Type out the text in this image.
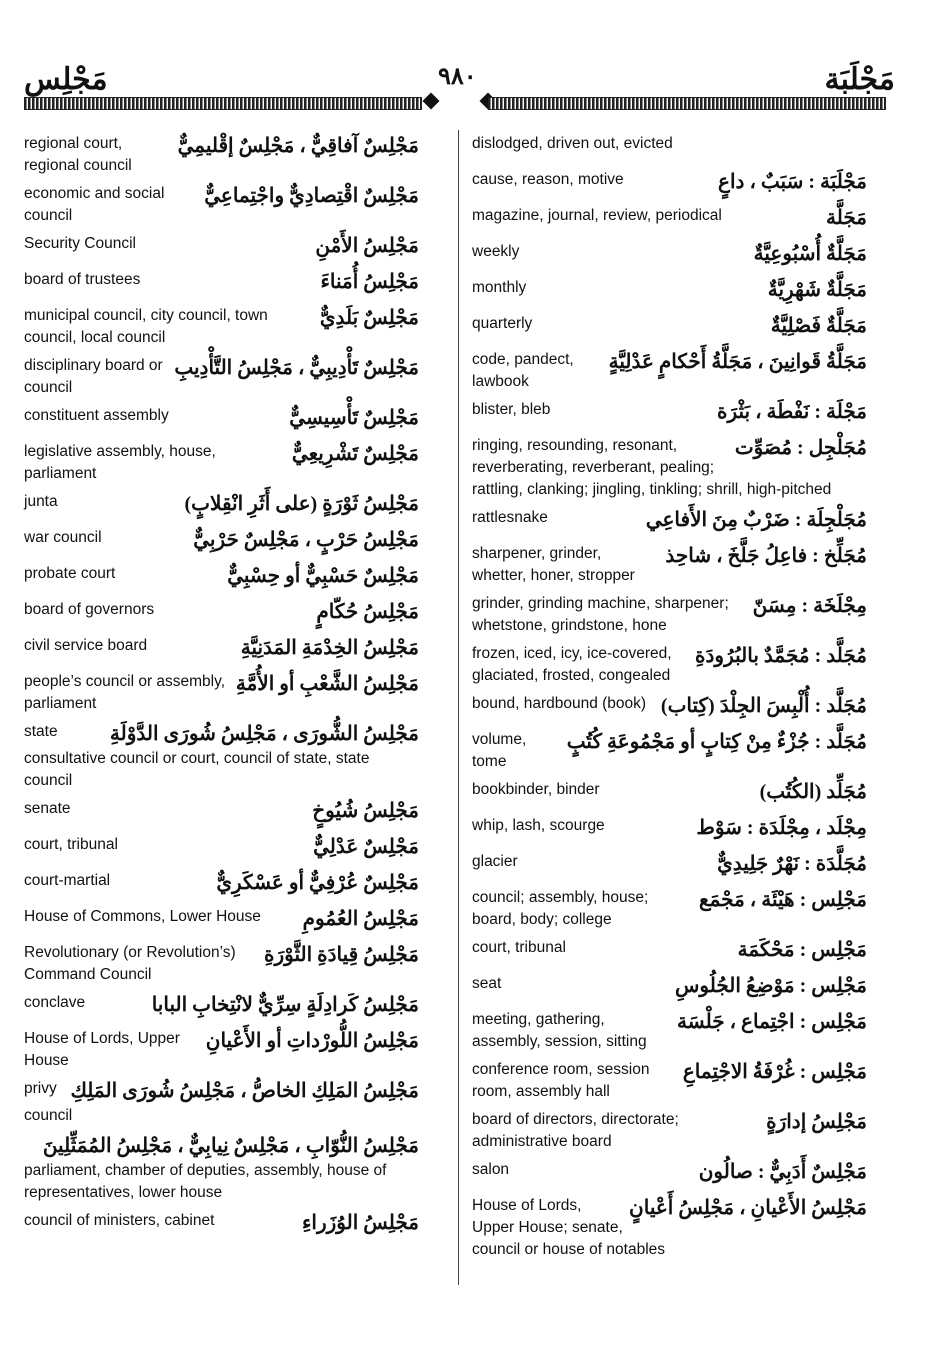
مَجْلِس	٩٨٠	مَجْلَبَة
مَجْلِسٌ آفاقِيٌّ ، مَجْلِسٌ إقْليمِيٌّ
regional court, regional council
مَجْلِسٌ اقْتِصادِيٌّ واجْتِماعِيٌّ
economic and social council
مَجْلِسُ الأَمْنِ
Security Council
مَجْلِسُ أُمَناءَ
board of trustees
مَجْلِسٌ بَلَدِيٌّ
municipal council, city council, town council, local council
مَجْلِسٌ تَأْدِيبِيٌّ ، مَجْلِسُ التَّأْدِيبِ
disciplinary board or council
مَجْلِسٌ تَأْسِيسِيٌّ
constituent assembly
مَجْلِسٌ تَشْرِيعِيٌّ
legislative assembly, house, parliament
مَجْلِسُ ثَوْرَةٍ (على أَثَرِ انْقِلابٍ)
junta
مَجْلِسُ حَرْبٍ ، مَجْلِسٌ حَرْبِيٌّ
war council
مَجْلِسٌ حَسْبِيٌّ أو حِسْبِيٌّ
probate court
مَجْلِسُ حُكّامٍ
board of governors
مَجْلِسُ الخِدْمَةِ المَدَنِيَّةِ
civil service board
مَجْلِسُ الشَّعْبِ أو الأُمَّةِ
people’s council or assembly, parliament
مَجْلِسُ الشُّورَى ، مَجْلِسُ شُورَى الدَّوْلَةِ
state consultative council or court, council of state, state council
مَجْلِسُ شُيُوخٍ
senate
مَجْلِسٌ عَدْلِيٌّ
court, tribunal
مَجْلِسٌ عُرْفِيٌّ أو عَسْكَرِيٌّ
court-martial
مَجْلِسُ العُمُومِ
House of Commons, Lower House
مَجْلِسُ قِيادَةِ الثَّوْرَةِ
Revolutionary (or Revolution’s) Command Council
مَجْلِسُ كَرادِلَةٍ سِرِّيٌّ لانْتِخابِ البابا
conclave
مَجْلِسُ اللُّورْداتِ أو الأَعْيانِ
House of Lords, Upper House
مَجْلِسُ المَلِكِ الخاصُّ ، مَجْلِسُ شُورَى المَلِكِ
privy council
مَجْلِسُ النُّوّابِ ، مَجْلِسٌ نِيابِيٌّ ، مَجْلِسُ المُمَثِّلِينَ
parliament, chamber of deputies, assembly, house of representatives, lower house
مَجْلِسُ الوُزَراءِ
council of ministers, cabinet
dislodged, driven out, evicted
مَجْلَبَة : سَبَبٌ ، داعٍ
cause, reason, motive
مَجَلَّة
magazine, journal, review, periodical
مَجَلَّةٌ أُسْبُوعِيَّةٌ
weekly
مَجَلَّةٌ شَهْرِيَّةٌ
monthly
مَجَلَّةٌ فَصْلِيَّةٌ
quarterly
مَجَلَّةُ قَوانِينَ ، مَجَلَّةُ أَحْكامٍ عَدْلِيَّةٍ
code, pandect, lawbook
مَجْلَة : نَفْطَة ، بَثْرَة
blister, bleb
مُجَلْجِل : مُصَوِّت
ringing, resounding, resonant, reverberating, reverberant, pealing; rattling, clanking; jingling, tinkling; shrill, high-pitched
مُجَلْجِلَة : ضَرْبٌ مِنَ الأَفاعِي
rattlesnake
مُجَلِّخ : فاعِلُ جَلَّخَ ، شاحِذ
sharpener, grinder, whetter, honer, stropper
مِجْلَخَة : مِسَنّ
grinder, grinding machine, sharpener; whetstone, grindstone, hone
مُجَلَّد : مُجَمَّدٌ بالبُرُودَةِ
frozen, iced, icy, ice-covered, glaciated, frosted, congealed
مُجَلَّد : أُلْبِسَ الجِلْدَ (كِتاب)
bound, hardbound (book)
مُجَلَّد : جُزْءٌ مِنْ كِتابٍ أو مَجْمُوعَةِ كُتُبٍ
volume, tome
مُجَلِّد (الكُتُب)
bookbinder, binder
مِجْلَد ، مِجْلَدَة : سَوْط
whip, lash, scourge
مُجَلَّدَة : نَهْرٌ جَلِيدِيٌّ
glacier
مَجْلِس : هَيْئَة ، مَجْمَع
council; assembly, house; board, body; college
مَجْلِس : مَحْكَمَة
court, tribunal
مَجْلِس : مَوْضِعُ الجُلُوسِ
seat
مَجْلِس : اجْتِماع ، جَلْسَة
meeting, gathering, assembly, session, sitting
مَجْلِس : غُرْفَةُ الاجْتِماعِ
conference room, session room, assembly hall
مَجْلِسُ إدارَةٍ
board of directors, directorate; administrative board
مَجْلِسٌ أَدَبِيٌّ : صالُون
salon
مَجْلِسُ الأَعْيانِ ، مَجْلِسُ أَعْيانٍ
House of Lords, Upper House; senate, council or house of notables
